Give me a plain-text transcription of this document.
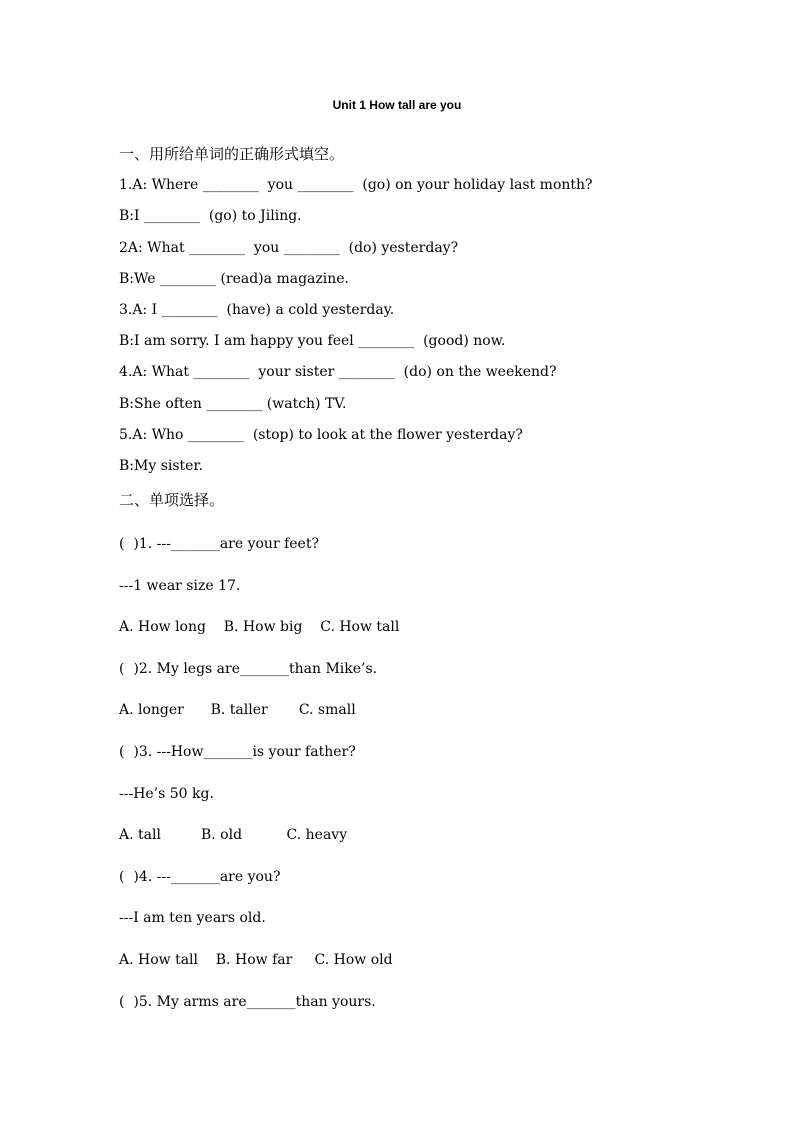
Unit 1 How tall are you
一、用所给单词的正确形式填空。
1.A: Where ________  you ________  (go) on your holiday last month?
B:I ________  (go) to Jiling.
2A: What ________  you ________  (do) yesterday?
B:We ________ (read)a magazine.
3.A: I ________  (have) a cold yesterday.
B:I am sorry. I am happy you feel ________  (good) now.
4.A: What ________  your sister ________  (do) on the weekend?
B:She often ________ (watch) TV.
5.A: Who ________  (stop) to look at the flower yesterday?
B:My sister.
二、单项选择。
(  )1. ---_______are your feet?
---1 wear size 17.
A. How long    B. How big    C. How tall
(  )2. My legs are_______than Mike’s.
A. longer      B. taller       C. small
(  )3. ---How_______is your father?
---He’s 50 kg.
A. tall         B. old          C. heavy
(  )4. ---_______are you?
---I am ten years old.
A. How tall    B. How far     C. How old
(  )5. My arms are_______than yours.
